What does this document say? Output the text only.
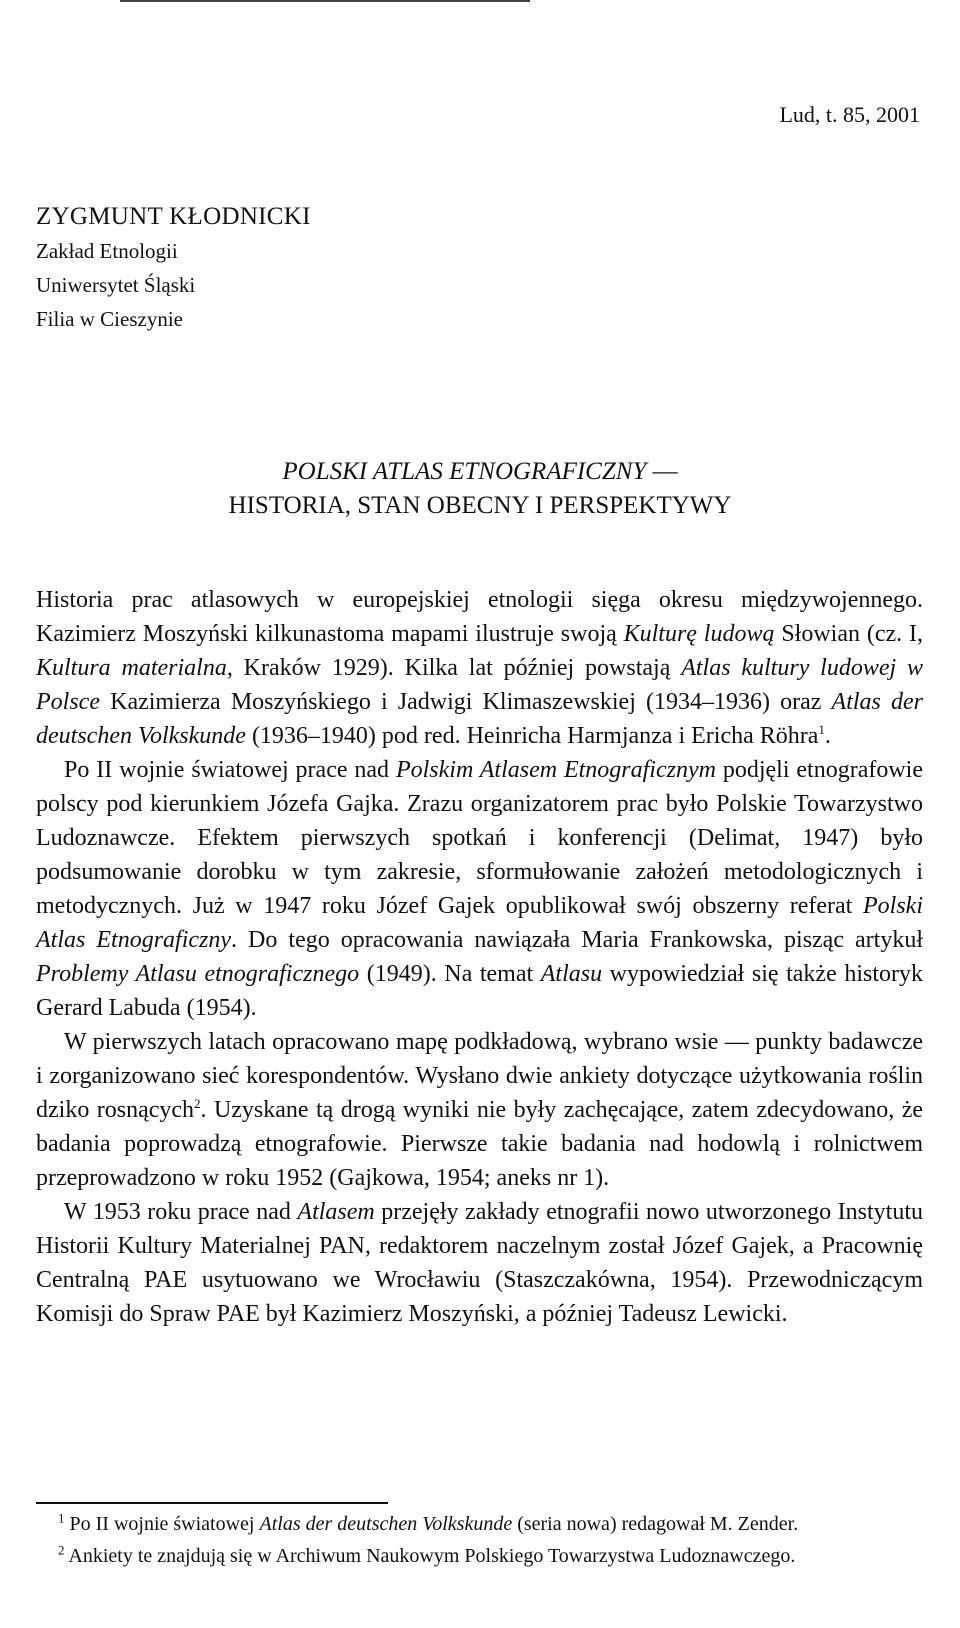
Lud, t. 85, 2001
ZYGMUNT KŁODNICKI
Zakład Etnologii
Uniwersytet Śląski
Filia w Cieszynie
POLSKI ATLAS ETNOGRAFICZNY —
HISTORIA, STAN OBECNY I PERSPEKTYWY

Historia prac atlasowych w europejskiej etnologii sięga okresu międzywojennego. Kazimierz Moszyński kilkunastoma mapami ilustruje swoją Kulturę ludową Słowian (cz. I, Kultura materialna, Kraków 1929). Kilka lat później powstają Atlas kultury ludowej w Polsce Kazimierza Moszyńskiego i Jadwigi Klimaszewskiej (1934–1936) oraz Atlas der deutschen Volkskunde (1936–1940) pod red. Heinricha Harmjanza i Ericha Röhra$^1$.

Po II wojnie światowej prace nad Polskim Atlasem Etnograficznym podjęli etnografowie polscy pod kierunkiem Józefa Gajka. Zrazu organizatorem prac było Polskie Towarzystwo Ludoznawcze. Efektem pierwszych spotkań i konferencji (Delimat, 1947) było podsumowanie dorobku w tym zakresie, sformułowanie założeń metodologicznych i metodycznych. Już w 1947 roku Józef Gajek opublikował swój obszerny referat Polski Atlas Etnograficzny. Do tego opracowania nawiązała Maria Frankowska, pisząc artykuł Problemy Atlasu etnograficznego (1949). Na temat Atlasu wypowiedział się także historyk Gerard Labuda (1954).

W pierwszych latach opracowano mapę podkładową, wybrano wsie — punkty badawcze i zorganizowano sieć korespondentów. Wysłano dwie ankiety dotyczące użytkowania roślin dziko rosnących$^2$. Uzyskane tą drogą wyniki nie były zachęcające, zatem zdecydowano, że badania poprowadzą etnografowie. Pierwsze takie badania nad hodowlą i rolnictwem przeprowadzono w roku 1952 (Gajkowa, 1954; aneks nr 1).

W 1953 roku prace nad Atlasem przejęły zakłady etnografii nowo utworzonego Instytutu Historii Kultury Materialnej PAN, redaktorem naczelnym został Józef Gajek, a Pracownię Centralną PAE usytuowano we Wrocławiu (Staszczakówna, 1954). Przewodniczącym Komisji do Spraw PAE był Kazimierz Moszyński, a później Tadeusz Lewicki.

$^1$ Po II wojnie światowej Atlas der deutschen Volkskunde (seria nowa) redagował M. Zender.

$^2$ Ankiety te znajdują się w Archiwum Naukowym Polskiego Towarzystwa Ludoznawczego.
